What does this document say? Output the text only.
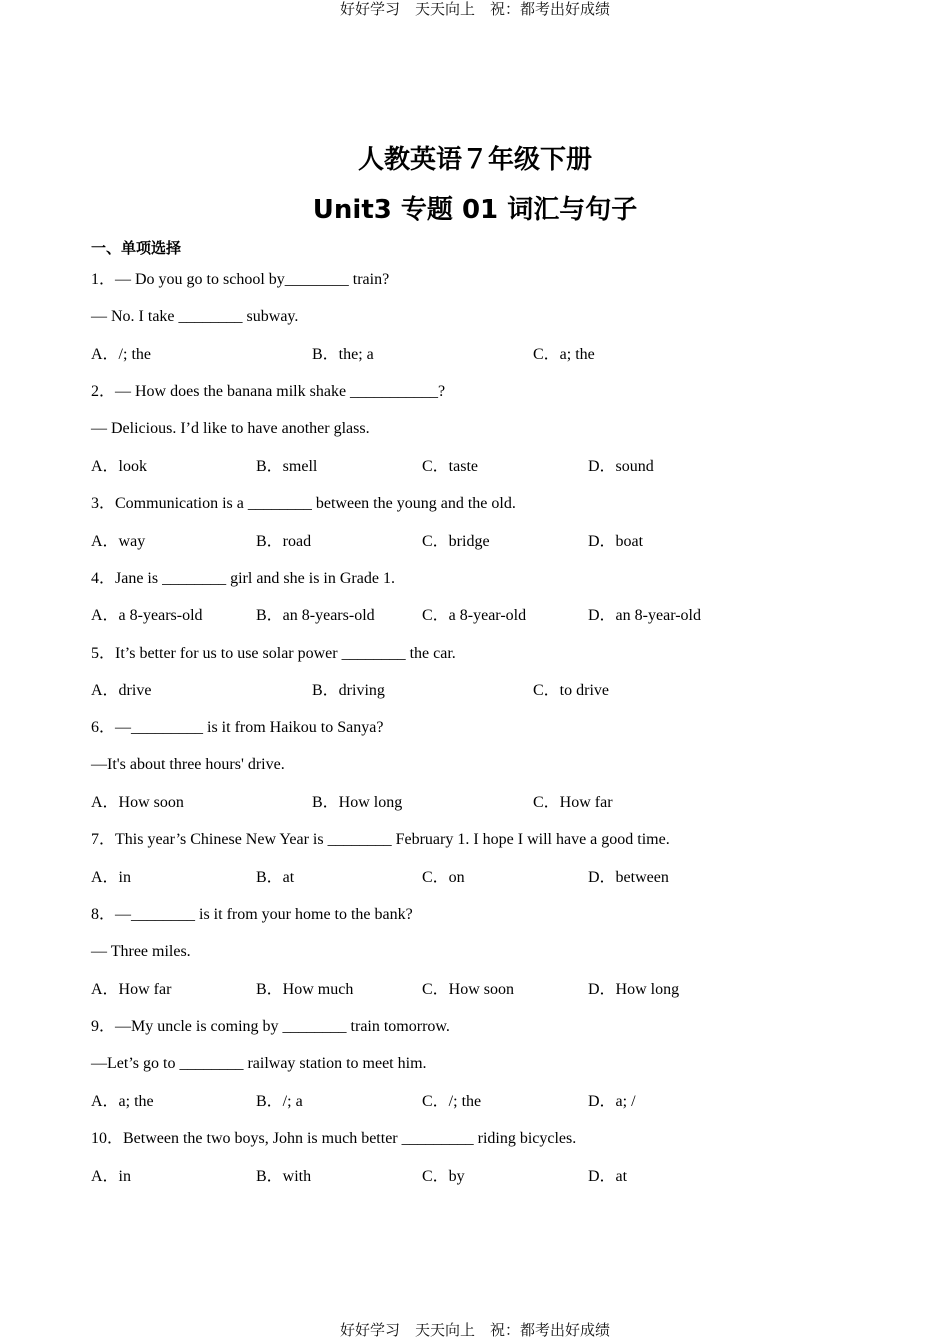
好好学习　天天向上　祝：都考出好成绩
人教英语７年级下册
Unit3 专题 01 词汇与句子
一、单项选择
1．— Do you go to school by________ train?
— No. I take ________ subway.
A．/; the	B．the; a	C．a; the
2．— How does the banana milk shake ___________?
— Delicious. I’d like to have another glass.
A．look	B．smell	C．taste	D．sound
3．Communication is a ________ between the young and the old.
A．way	B．road	C．bridge	D．boat
4．Jane is ________ girl and she is in Grade 1.
A．a 8-years-old	B．an 8-years-old	C．a 8-year-old	D．an 8-year-old
5．It’s better for us to use solar power ________ the car.
A．drive	B．driving	C．to drive
6．—_________ is it from Haikou to Sanya?
—It's about three hours' drive.
A．How soon	B．How long	C．How far
7．This year’s Chinese New Year is ________ February 1. I hope I will have a good time.
A．in	B．at	C．on	D．between
8．—________ is it from your home to the bank?
— Three miles.
A．How far	B．How much	C．How soon	D．How long
9．—My uncle is coming by ________ train tomorrow.
—Let’s go to ________ railway station to meet him.
A．a; the	B．/; a	C．/; the	D．a; /
10．Between the two boys, John is much better _________ riding bicycles.
A．in	B．with	C．by	D．at
好好学习　天天向上　祝：都考出好成绩
